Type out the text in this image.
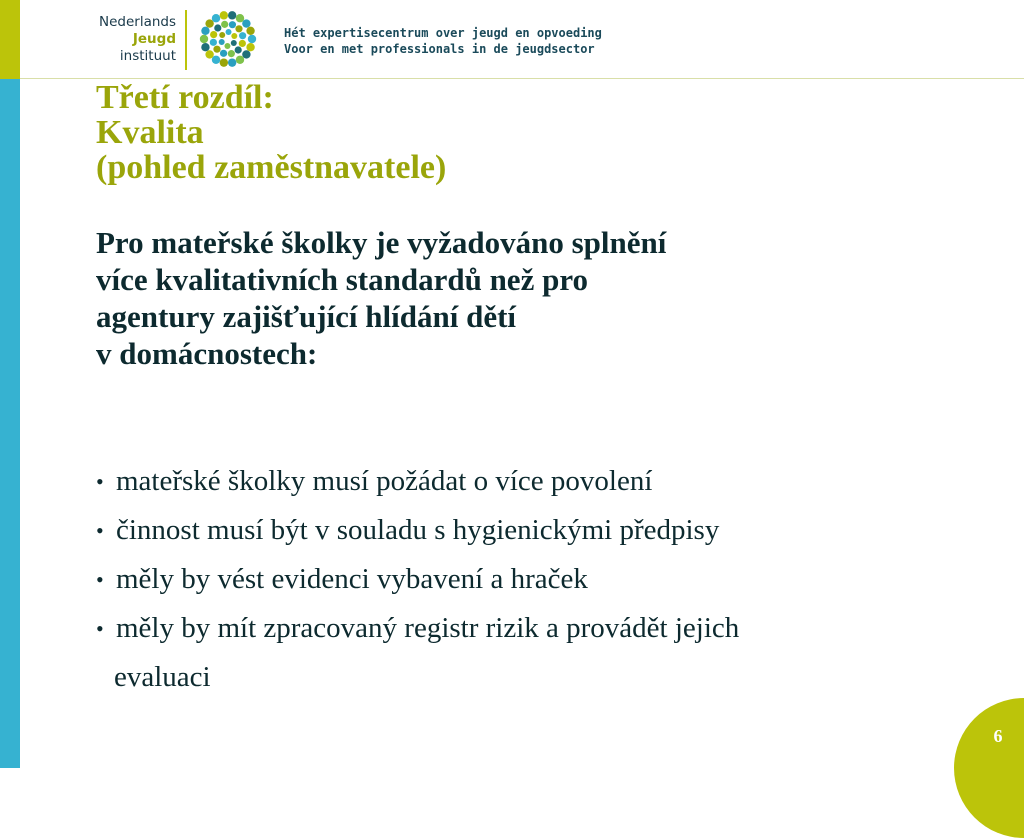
Nederlands
Jeugd
instituut
Hét expertisecentrum over jeugd en opvoeding
Voor en met professionals in de jeugdsector
Třetí rozdíl:
Kvalita
(pohled zaměstnavatele)
Pro mateřské školky je vyžadováno splnění
více kvalitativních standardů než pro
agentury zajišťující hlídání dětí
v domácnostech:
• mateřské školky musí požádat o více povolení
• činnost musí být v souladu s hygienickými předpisy
• měly by vést evidenci vybavení a hraček
• měly by mít zpracovaný registr rizik a provádět jejich
evaluaci
6
